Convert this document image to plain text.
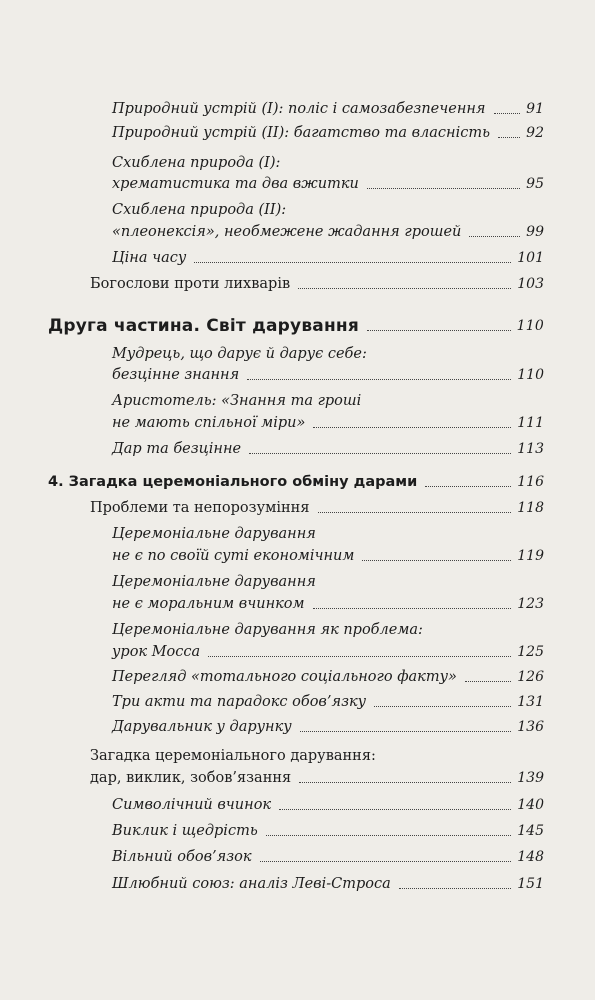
Природний устрій (I): поліс і самозабезпечення	91
Природний устрій (II): багатство та власність	92
Схиблена природа (I):
хрематистика та два вжитки	95
Схиблена природа (II):
«плеонексія», необмежене жадання грошей	99
Ціна часу	101
Богослови проти лихварів	103
Друга частина. Світ дарування	110
Мудрець, що дарує й дарує себе:
безцінне знання	110
Аристотель: «Знання та гроші
не мають спільної міри»	111
Дар та безцінне	113
4. Загадка церемоніального обміну дарами	116
Проблеми та непорозуміння	118
Церемоніальне дарування
не є по своїй суті економічним	119
Церемоніальне дарування
не є моральним вчинком	123
Церемоніальне дарування як проблема:
урок Мосса	125
Перегляд «тотального соціального факту»	126
Три акти та парадокс обов’язку	131
Дарувальник у дарунку	136
Загадка церемоніального дарування:
дар, виклик, зобов’язання	139
Символічний вчинок	140
Виклик і щедрість	145
Вільний обов’язок	148
Шлюбний союз: аналіз Леві-Строса	151
